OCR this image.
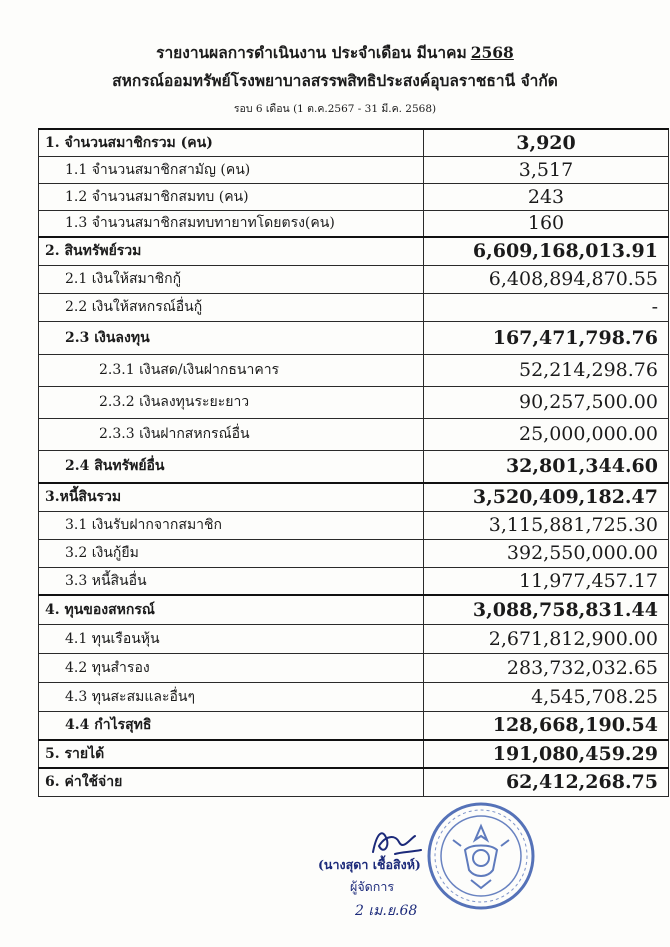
รายงานผลการดำเนินงาน ประจำเดือน มีนาคม 2568
สหกรณ์ออมทรัพย์โรงพยาบาลสรรพสิทธิประสงค์อุบลราชธานี จำกัด
รอบ 6 เดือน (1 ต.ค.2567 - 31 มี.ค. 2568)
1. จำนวนสมาชิกรวม (คน)	3,920
1.1 จำนวนสมาชิกสามัญ (คน)	3,517
1.2 จำนวนสมาชิกสมทบ (คน)	243
1.3 จำนวนสมาชิกสมทบทายาทโดยตรง(คน)	160
2. สินทรัพย์รวม	6,609,168,013.91
2.1 เงินให้สมาชิกกู้	6,408,894,870.55
2.2 เงินให้สหกรณ์อื่นกู้	-
2.3 เงินลงทุน	167,471,798.76
2.3.1 เงินสด/เงินฝากธนาคาร	52,214,298.76
2.3.2 เงินลงทุนระยะยาว	90,257,500.00
2.3.3 เงินฝากสหกรณ์อื่น	25,000,000.00
2.4 สินทรัพย์อื่น	32,801,344.60
3.หนี้สินรวม	3,520,409,182.47
3.1 เงินรับฝากจากสมาชิก	3,115,881,725.30
3.2 เงินกู้ยืม	392,550,000.00
3.3 หนี้สินอื่น	11,977,457.17
4. ทุนของสหกรณ์	3,088,758,831.44
4.1 ทุนเรือนหุ้น	2,671,812,900.00
4.2 ทุนสำรอง	283,732,032.65
4.3 ทุนสะสมและอื่นๆ	4,545,708.25
4.4 กำไรสุทธิ	128,668,190.54
5. รายได้	191,080,459.29
6. ค่าใช้จ่าย	62,412,268.75
(นางสุดา เชื้อสิงห์)
ผู้จัดการ
2 เม.ย.68
